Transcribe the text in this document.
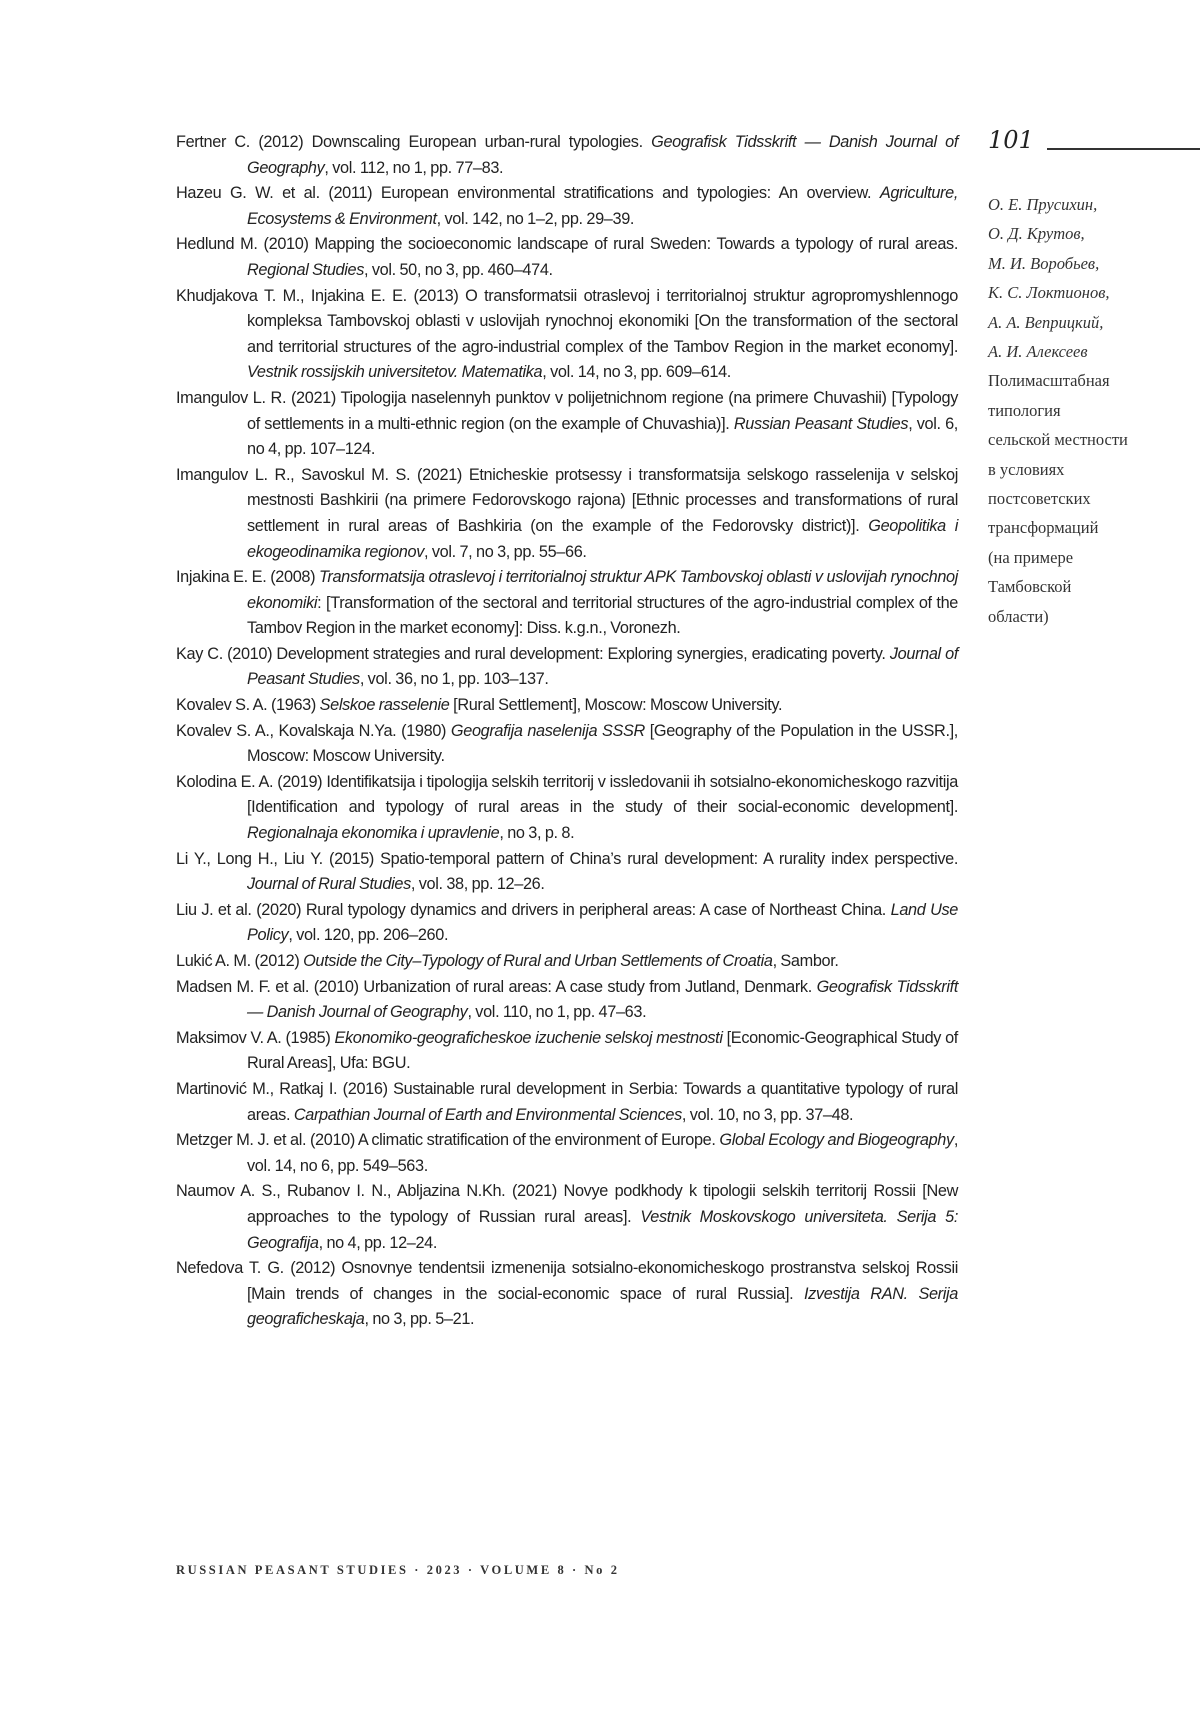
101

Fertner C. (2012) Downscaling European urban-rural typologies. Geografisk Tidsskrift — Danish Journal of Geography, vol. 112, no 1, pp. 77–83.

Hazeu G. W. et al. (2011) European environmental stratifications and typologies: An overview. Agriculture, Ecosystems & Environment, vol. 142, no 1–2, pp. 29–39.

Hedlund M. (2010) Mapping the socioeconomic landscape of rural Sweden: Towards a typology of rural areas. Regional Studies, vol. 50, no 3, pp. 460–474.

Khudjakova T. M., Injakina E. E. (2013) O transformatsii otraslevoj i territorialnoj struktur agropromyshlennogo kompleksa Tambovskoj oblasti v uslovijah rynochnoj ekonomiki [On the transformation of the sectoral and territorial structures of the agro-industrial complex of the Tambov Region in the market economy]. Vestnik rossijskih universitetov. Matematika, vol. 14, no 3, pp. 609–614.

Imangulov L. R. (2021) Tipologija naselennyh punktov v polijetnichnom regione (na primere Chuvashii) [Typology of settlements in a multi-ethnic region (on the example of Chuvashia)]. Russian Peasant Studies, vol. 6, no 4, pp. 107–124.

Imangulov L. R., Savoskul M. S. (2021) Etnicheskie protsessy i transformatsija selskogo rasselenija v selskoj mestnosti Bashkirii (na primere Fedorovskogo rajona) [Ethnic processes and transformations of rural settlement in rural areas of Bashkiria (on the example of the Fedorovsky district)]. Geopolitika i ekogeodinamika regionov, vol. 7, no 3, pp. 55–66.

Injakina E. E. (2008) Transformatsija otraslevoj i territorialnoj struktur APK Tambovskoj oblasti v uslovijah rynochnoj ekonomiki: [Transformation of the sectoral and territorial structures of the agro-industrial complex of the Tambov Region in the market economy]: Diss. k.g.n., Voronezh.

Kay C. (2010) Development strategies and rural development: Exploring synergies, eradicating poverty. Journal of Peasant Studies, vol. 36, no 1, pp. 103–137.

Kovalev S. A. (1963) Selskoe rasselenie [Rural Settlement], Moscow: Moscow University.

Kovalev S. A., Kovalskaja N.Ya. (1980) Geografija naselenija SSSR [Geography of the Population in the USSR.], Moscow: Moscow University.

Kolodina E. A. (2019) Identifikatsija i tipologija selskih territorij v issledovanii ih sotsialno-ekonomicheskogo razvitija [Identification and typology of rural areas in the study of their social-economic development]. Regionalnaja ekonomika i upravlenie, no 3, p. 8.

Li Y., Long H., Liu Y. (2015) Spatio-temporal pattern of China’s rural development: A rurality index perspective. Journal of Rural Studies, vol. 38, pp. 12–26.

Liu J. et al. (2020) Rural typology dynamics and drivers in peripheral areas: A case of Northeast China. Land Use Policy, vol. 120, pp. 206–260.

Lukić A. M. (2012) Outside the City–Typology of Rural and Urban Settlements of Croatia, Sambor.

Madsen M. F. et al. (2010) Urbanization of rural areas: A case study from Jutland, Denmark. Geografisk Tidsskrift — Danish Journal of Geography, vol. 110, no 1, pp. 47–63.

Maksimov V. A. (1985) Ekonomiko-geograficheskoe izuchenie selskoj mestnosti [Economic-Geographical Study of Rural Areas], Ufa: BGU.

Martinović M., Ratkaj I. (2016) Sustainable rural development in Serbia: Towards a quantitative typology of rural areas. Carpathian Journal of Earth and Environmental Sciences, vol. 10, no 3, pp. 37–48.

Metzger M. J. et al. (2010) A climatic stratification of the environment of Europe. Global Ecology and Biogeography, vol. 14, no 6, pp. 549–563.

Naumov A. S., Rubanov I. N., Abljazina N.Kh. (2021) Novye podkhody k tipologii selskih territorij Rossii [New approaches to the typology of Russian rural areas]. Vestnik Moskovskogo universiteta. Serija 5: Geografija, no 4, pp. 12–24.

Nefedova T. G. (2012) Osnovnye tendentsii izmenenija sotsialno-ekonomicheskogo prostranstva selskoj Rossii [Main trends of changes in the social-economic space of rural Russia]. Izvestija RAN. Serija geograficheskaja, no 3, pp. 5–21.

О. Е. Прусихин,
О. Д. Крутов,
М. И. Воробьев,
К. С. Локтионов,
А. А. Веприцкий,
А. И. Алексеев
Полимасштабная
типология
сельской местности
в условиях
постсоветских
трансформаций
(на примере
Тамбовской
области)
RUSSIAN PEASANT STUDIES · 2023 · VOLUME 8 · No 2
